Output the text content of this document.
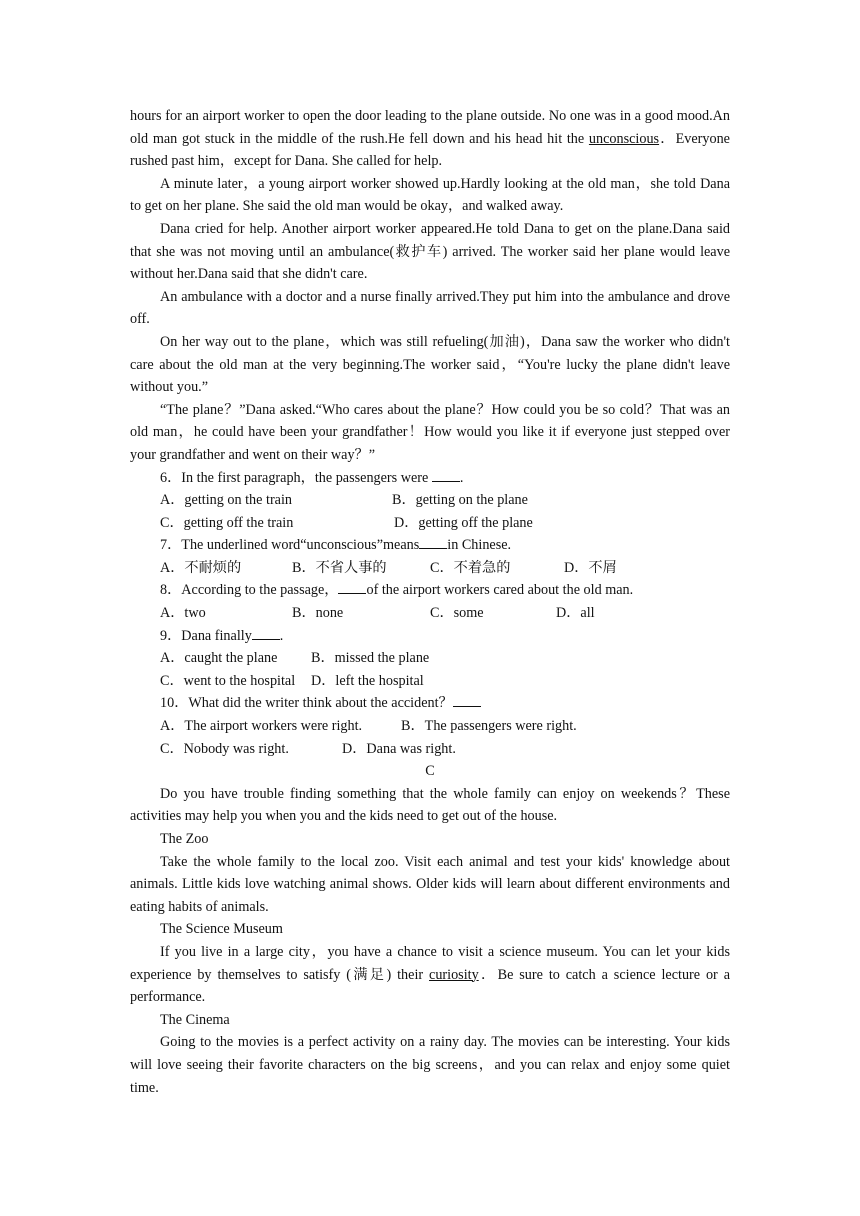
hours for an airport worker to open the door leading to the plane outside. No one was in a good mood.An old man got stuck in the middle of the rush.He fell down and his head hit the unconscious．Everyone rushed past him，except for Dana. She called for help.

A minute later，a young airport worker showed up.Hardly looking at the old man，she told Dana to get on her plane. She said the old man would be okay，and walked away.

Dana cried for help. Another airport worker appeared.He told Dana to get on the plane.Dana said that she was not moving until an ambulance(救护车) arrived. The worker said her plane would leave without her.Dana said that she didn't care.

An ambulance with a doctor and a nurse finally arrived.They put him into the ambulance and drove off.

On her way out to the plane，which was still refueling(加油)，Dana saw the worker who didn't care about the old man at the very beginning.The worker said，“You're lucky the plane didn't leave without you.”

“The plane？”Dana asked.“Who cares about the plane？How could you be so cold？That was an old man，he could have been your grandfather！How would you like it if everyone just stepped over your grandfather and went on their way？”

6．In the first paragraph，the passengers were .

A．getting on the train	B．getting on the plane

C．getting off the train	D．getting off the plane

7．The underlined word“unconscious”means in Chinese.

A．不耐烦的	B．不省人事的	C．不着急的	D．不屑

8．According to the passage， of the airport workers cared about the old man.

A．two	B．none	C．some	D．all

9．Dana finally .

A．caught the plane B．missed the plane

C．went to the hospital D．left the hospital

10．What did the writer think about the accident？

A．The airport workers were right.	B．The passengers were right.

C．Nobody was right.	D．Dana was right.

C

Do you have trouble finding something that the whole family can enjoy on weekends？These activities may help you when you and the kids need to get out of the house.

The Zoo

Take the whole family to the local zoo. Visit each animal and test your kids' knowledge about animals. Little kids love watching animal shows. Older kids will learn about different environments and eating habits of animals.

The Science Museum

If you live in a large city，you have a chance to visit a science museum. You can let your kids experience by themselves to satisfy (满足) their curiosity．Be sure to catch a science lecture or a performance.

The Cinema

Going to the movies is a perfect activity on a rainy day. The movies can be interesting. Your kids will love seeing their favorite characters on the big screens，and you can relax and enjoy some quiet time.
